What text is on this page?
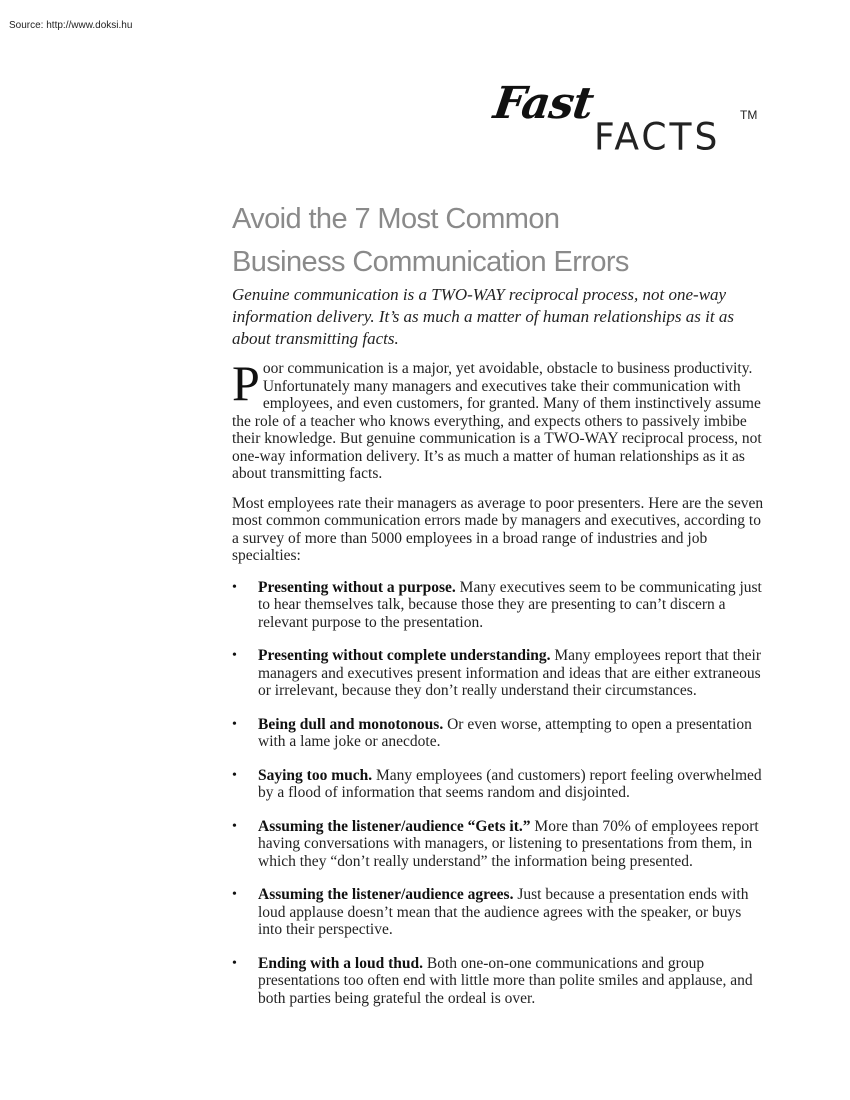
Source: http://www.doksi.hu

Fast
FACTS
TM
Avoid the 7 Most Common
Business Communication Errors

Genuine communication is a TWO-WAY reciprocal process, not one-way information delivery. It’s as much a matter of human relationships as it as about transmitting facts.

Poor communication is a major, yet avoidable, obstacle to business productivity. Unfortunately many managers and executives take their communication with employees, and even customers, for granted. Many of them instinctively assume the role of a teacher who knows everything, and expects others to passively imbibe their knowledge. But genuine communication is a TWO-WAY reciprocal process, not one-way information delivery. It’s as much a matter of human relationships as it as about transmitting facts.

Most employees rate their managers as average to poor presenters. Here are the seven most common communication errors made by managers and executives, according to a survey of more than 5000 employees in a broad range of industries and job specialties:

• Presenting without a purpose. Many executives seem to be communicating just to hear themselves talk, because those they are presenting to can’t discern a relevant purpose to the presentation.
• Presenting without complete understanding. Many employees report that their managers and executives present information and ideas that are either extraneous or irrelevant, because they don’t really understand their circumstances.
• Being dull and monotonous. Or even worse, attempting to open a presentation with a lame joke or anecdote.
• Saying too much. Many employees (and customers) report feeling overwhelmed by a flood of information that seems random and disjointed.
• Assuming the listener/audience “Gets it.” More than 70% of employees report having conversations with managers, or listening to presentations from them, in which they “don’t really understand” the information being presented.
• Assuming the listener/audience agrees. Just because a presentation ends with loud applause doesn’t mean that the audience agrees with the speaker, or buys into their perspective.
• Ending with a loud thud. Both one-on-one communications and group presentations too often end with little more than polite smiles and applause, and both parties being grateful the ordeal is over.
